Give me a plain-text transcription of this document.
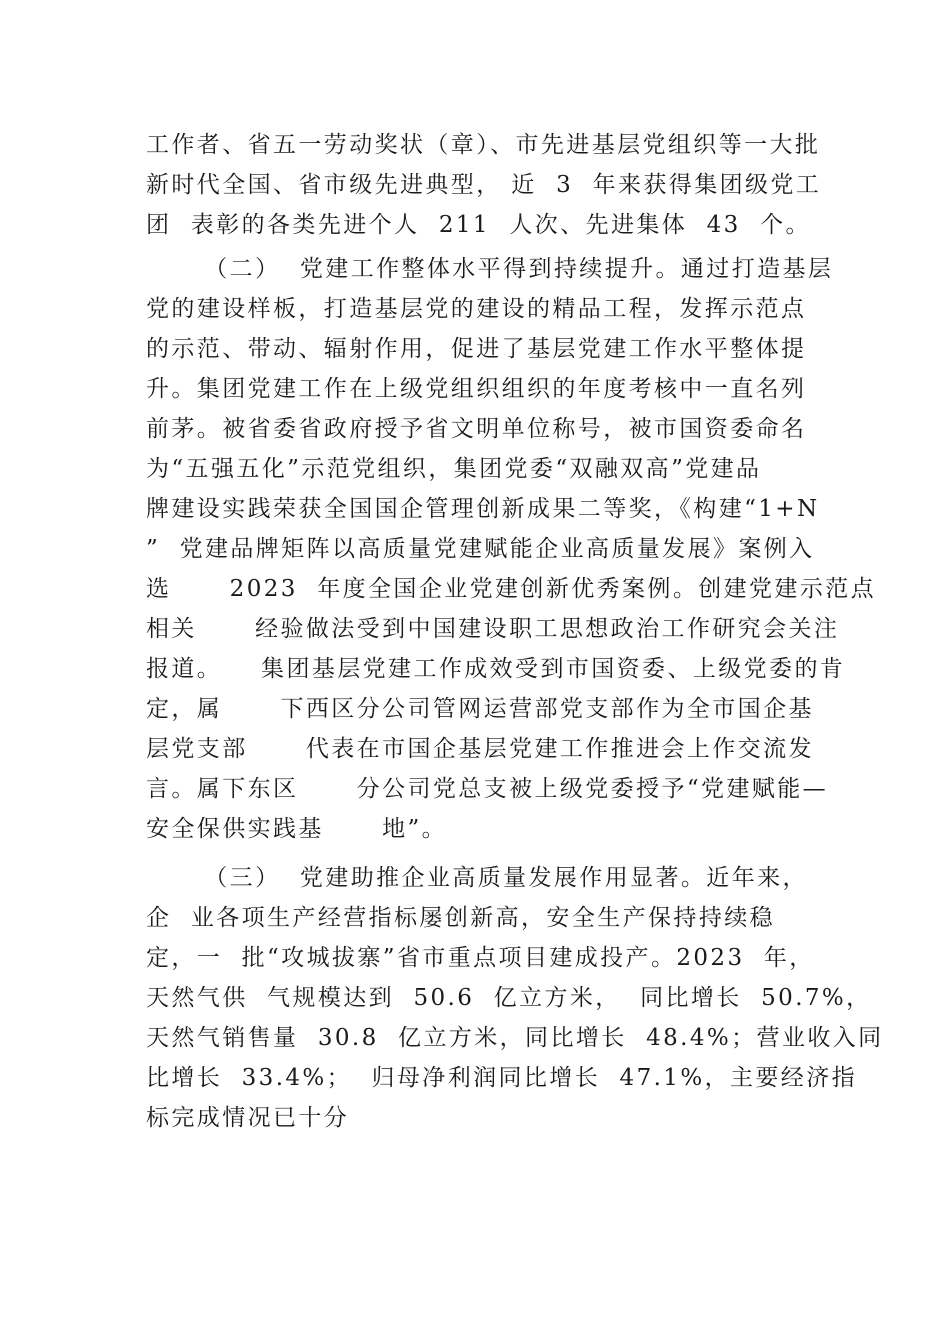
工作者、省五一劳动奖状（章）、市先进基层党组织等一大批
新时代全国、省市级先进典型， 近  3  年来获得集团级党工
团  表彰的各类先进个人  211  人次、先进集体  43  个。
（二）  党建工作整体水平得到持续提升。通过打造基层
党的建设样板，打造基层党的建设的精品工程，发挥示范点
的示范、带动、辐射作用，促进了基层党建工作水平整体提
升。集团党建工作在上级党组织组织的年度考核中一直名列
前茅。被省委省政府授予省文明单位称号，被市国资委命名
为“五强五化”示范党组织，集团党委“双融双高”党建品
牌建设实践荣获全国国企管理创新成果二等奖，《构建“1+N
”  党建品牌矩阵以高质量党建赋能企业高质量发展》案例入
选      2023  年度全国企业党建创新优秀案例。创建党建示范点
相关      经验做法受到中国建设职工思想政治工作研究会关注
报道。    集团基层党建工作成效受到市国资委、上级党委的肯
定，属      下西区分公司管网运营部党支部作为全市国企基
层党支部      代表在市国企基层党建工作推进会上作交流发
言。属下东区      分公司党总支被上级党委授予“党建赋能—
安全保供实践基      地”。
（三）  党建助推企业高质量发展作用显著。近年来，
企  业各项生产经营指标屡创新高，安全生产保持持续稳
定，一  批“攻城拔寨”省市重点项目建成投产。2023  年，
天然气供  气规模达到  50.6  亿立方米，  同比增长  50.7%，
天然气销售量  30.8  亿立方米，同比增长  48.4%；营业收入同
比增长  33.4%；  归母净利润同比增长  47.1%，主要经济指
标完成情况已十分
